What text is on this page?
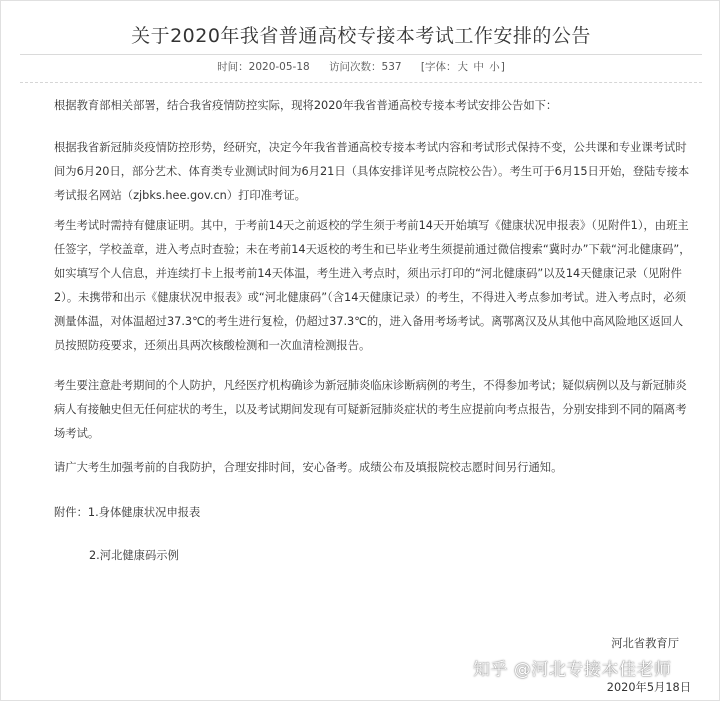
关于2020年我省普通高校专接本考试工作安排的公告
时间：2020-05-18 访问次数：537 [字体：大 中 小]

根据教育部相关部署，结合我省疫情防控实际，现将2020年我省普通高校专接本考试安排公告如下：

根据我省新冠肺炎疫情防控形势，经研究，决定今年我省普通高校专接本考试内容和考试形式保持不变，公共课和专业课考试时间为6月20日，部分艺术、体育类专业测试时间为6月21日（具体安排详见考点院校公告）。考生可于6月15日开始，登陆专接本考试报名网站（zjbks.hee.gov.cn）打印准考证。

考生考试时需持有健康证明。其中，于考前14天之前返校的学生须于考前14天开始填写《健康状况申报表》（见附件1），由班主任签字，学校盖章，进入考点时查验；未在考前14天返校的考生和已毕业考生须提前通过微信搜索“冀时办”下载“河北健康码”，如实填写个人信息，并连续打卡上报考前14天体温，考生进入考点时，须出示打印的“河北健康码”以及14天健康记录（见附件2）。未携带和出示《健康状况申报表》或“河北健康码”（含14天健康记录）的考生，不得进入考点参加考试。进入考点时，必须测量体温，对体温超过37.3℃的考生进行复检，仍超过37.3℃的，进入备用考场考试。离鄂离汉及从其他中高风险地区返回人员按照防疫要求，还须出具两次核酸检测和一次血清检测报告。

考生要注意赴考期间的个人防护，凡经医疗机构确诊为新冠肺炎临床诊断病例的考生，不得参加考试；疑似病例以及与新冠肺炎病人有接触史但无任何症状的考生，以及考试期间发现有可疑新冠肺炎症状的考生应提前向考点报告，分别安排到不同的隔离考场考试。

请广大考生加强考前的自我防护，合理安排时间，安心备考。成绩公布及填报院校志愿时间另行通知。

附件：1.身体健康状况申报表

2.河北健康码示例

河北省教育厅
2020年5月18日
知乎 @河北专接本佳老师
